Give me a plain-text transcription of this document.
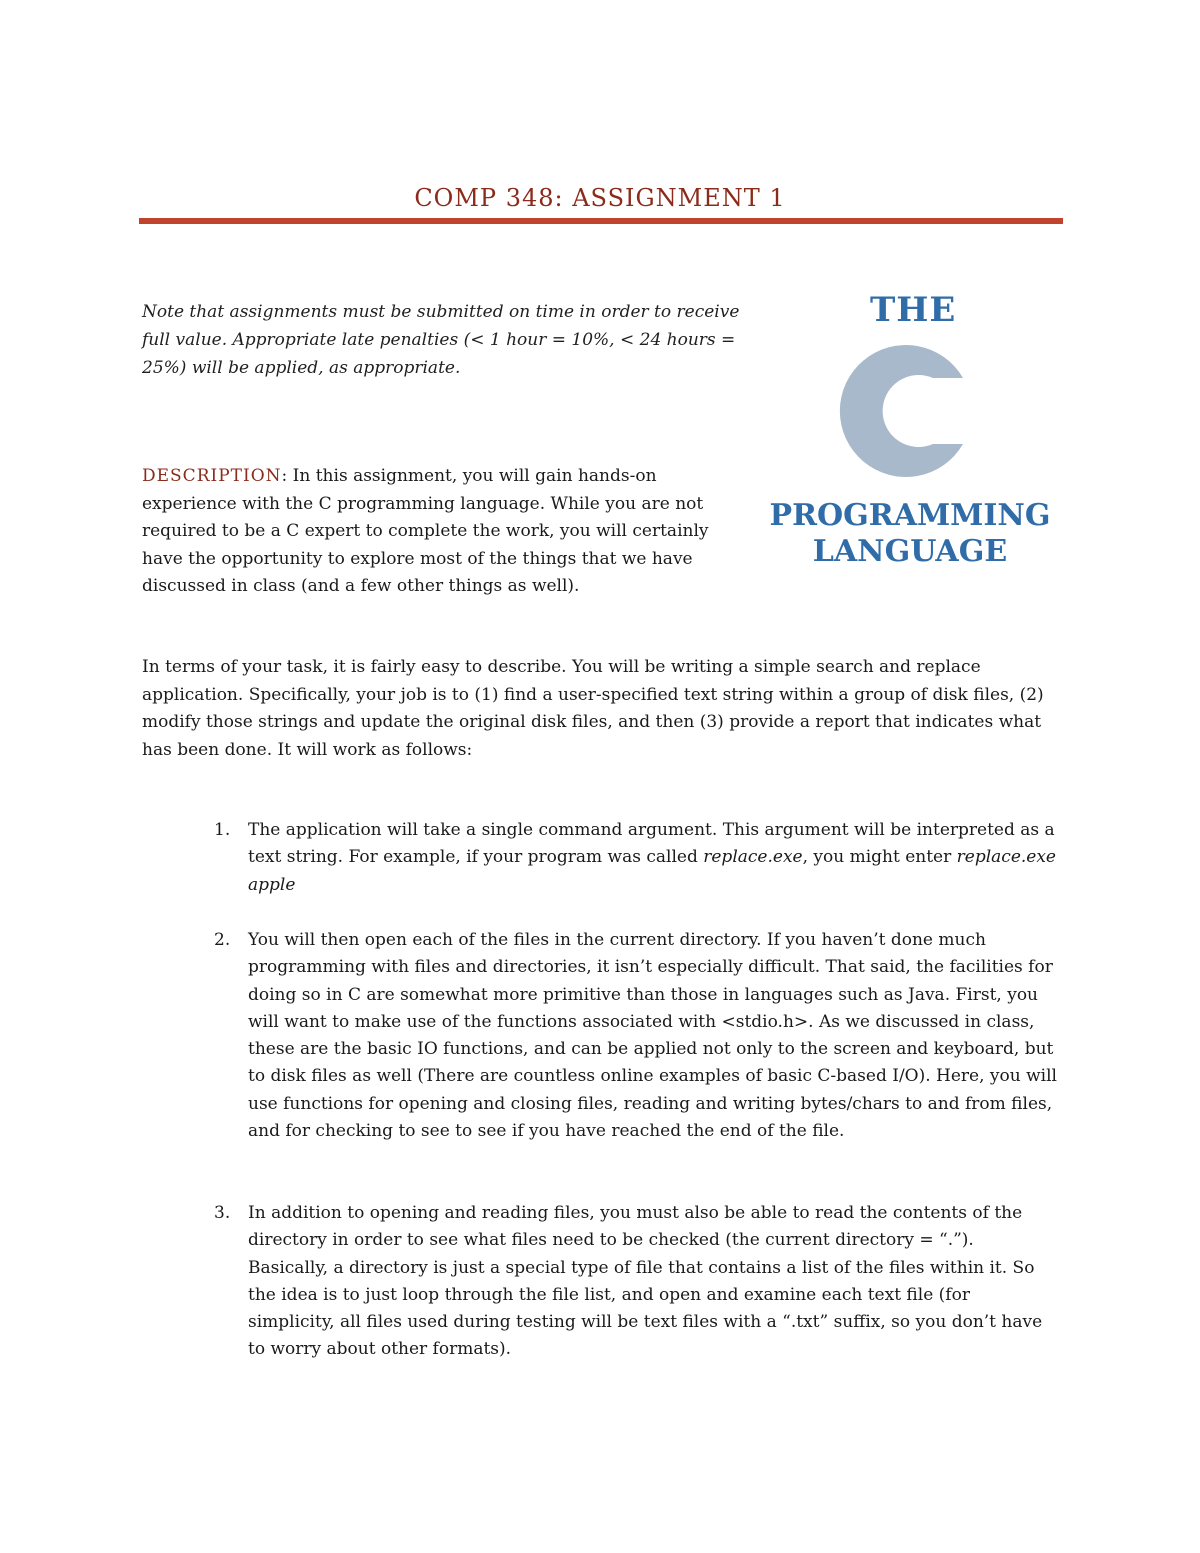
COMP 348: ASSIGNMENT 1
Note that assignments must be submitted on time in order to receive full value. Appropriate late penalties (< 1 hour = 10%, < 24 hours = 25%) will be applied, as appropriate.
THE
PROGRAMMING
LANGUAGE
DESCRIPTION: In this assignment, you will gain hands-on experience with the C programming language. While you are not required to be a C expert to complete the work, you will certainly have the opportunity to explore most of the things that we have discussed in class (and a few other things as well).
In terms of your task, it is fairly easy to describe. You will be writing a simple search and replace application. Specifically, your job is to (1) find a user-specified text string within a group of disk files, (2) modify those strings and update the original disk files, and then (3) provide a report that indicates what has been done. It will work as follows:
1. The application will take a single command argument. This argument will be interpreted as a text string. For example, if your program was called replace.exe, you might enter replace.exe apple
2. You will then open each of the files in the current directory. If you haven’t done much programming with files and directories, it isn’t especially difficult. That said, the facilities for doing so in C are somewhat more primitive than those in languages such as Java. First, you will want to make use of the functions associated with <stdio.h>. As we discussed in class, these are the basic IO functions, and can be applied not only to the screen and keyboard, but to disk files as well (There are countless online examples of basic C-based I/O). Here, you will use functions for opening and closing files, reading and writing bytes/chars to and from files, and for checking to see to see if you have reached the end of the file.
3. In addition to opening and reading files, you must also be able to read the contents of the directory in order to see what files need to be checked (the current directory = “.”). Basically, a directory is just a special type of file that contains a list of the files within it. So the idea is to just loop through the file list, and open and examine each text file (for simplicity, all files used during testing will be text files with a “.txt” suffix, so you don’t have to worry about other formats).
